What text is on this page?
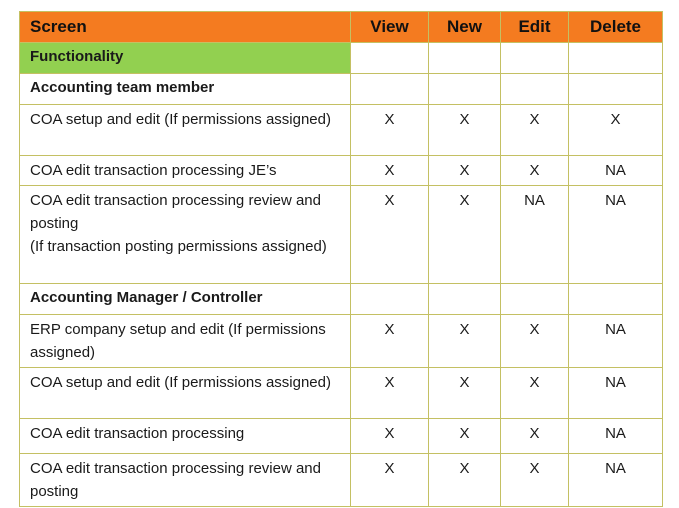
Screen	View	New	Edit	Delete
Functionality				
Accounting team member				
COA setup and edit (If permissions assigned)	X	X	X	X
COA edit transaction processing JE’s	X	X	X	NA
COA edit transaction processing review and posting
(If transaction posting permissions assigned)	X	X	NA	NA
Accounting Manager / Controller				
ERP company setup and edit (If permissions assigned)	X	X	X	NA
COA setup and edit (If permissions assigned)	X	X	X	NA
COA edit transaction processing	X	X	X	NA
COA edit transaction processing review and posting	X	X	X	NA
